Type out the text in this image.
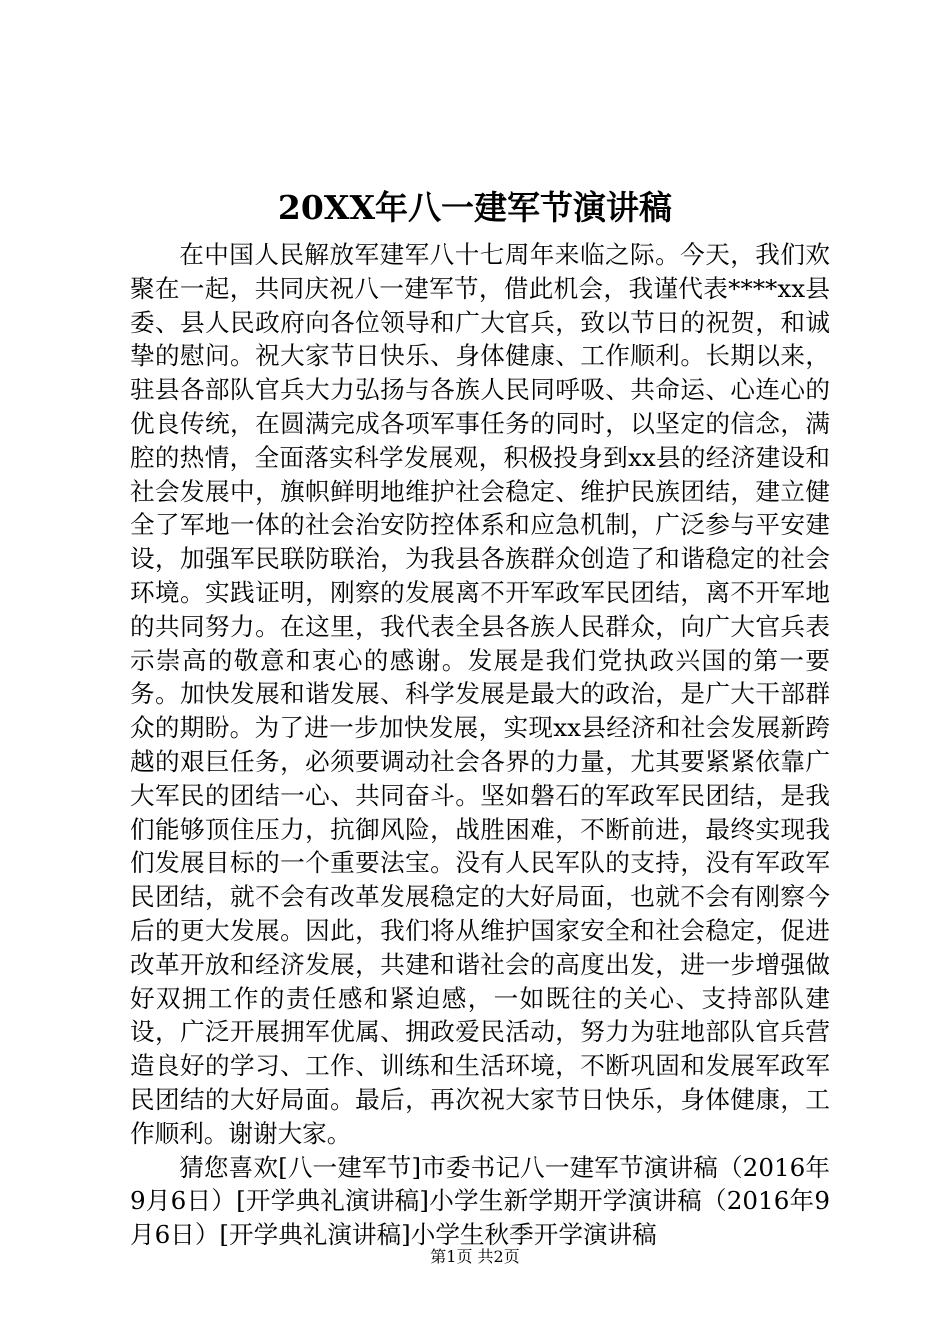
20XX年八一建军节演讲稿

在中国人民解放军建军八十七周年来临之际。今天，我们欢聚在一起，共同庆祝八一建军节，借此机会，我谨代表****xx县委、县人民政府向各位领导和广大官兵，致以节日的祝贺，和诚挚的慰问。祝大家节日快乐、身体健康、工作顺利。长期以来，驻县各部队官兵大力弘扬与各族人民同呼吸、共命运、心连心的优良传统，在圆满完成各项军事任务的同时，以坚定的信念，满腔的热情，全面落实科学发展观，积极投身到xx县的经济建设和社会发展中，旗帜鲜明地维护社会稳定、维护民族团结，建立健全了军地一体的社会治安防控体系和应急机制，广泛参与平安建设，加强军民联防联治，为我县各族群众创造了和谐稳定的社会环境。实践证明，刚察的发展离不开军政军民团结，离不开军地的共同努力。在这里，我代表全县各族人民群众，向广大官兵表示崇高的敬意和衷心的感谢。发展是我们党执政兴国的第一要务。加快发展和谐发展、科学发展是最大的政治，是广大干部群众的期盼。为了进一步加快发展，实现xx县经济和社会发展新跨越的艰巨任务，必须要调动社会各界的力量，尤其要紧紧依靠广大军民的团结一心、共同奋斗。坚如磐石的军政军民团结，是我们能够顶住压力，抗御风险，战胜困难，不断前进，最终实现我们发展目标的一个重要法宝。没有人民军队的支持，没有军政军民团结，就不会有改革发展稳定的大好局面，也就不会有刚察今后的更大发展。因此，我们将从维护国家安全和社会稳定，促进改革开放和经济发展，共建和谐社会的高度出发，进一步增强做好双拥工作的责任感和紧迫感，一如既往的关心、支持部队建设，广泛开展拥军优属、拥政爱民活动，努力为驻地部队官兵营造良好的学习、工作、训练和生活环境，不断巩固和发展军政军民团结的大好局面。最后，再次祝大家节日快乐，身体健康，工作顺利。谢谢大家。

猜您喜欢[八一建军节]市委书记八一建军节演讲稿（2016年9月6日）[开学典礼演讲稿]小学生新学期开学演讲稿（2016年9月6日）[开学典礼演讲稿]小学生秋季开学演讲稿

第1页 共2页
